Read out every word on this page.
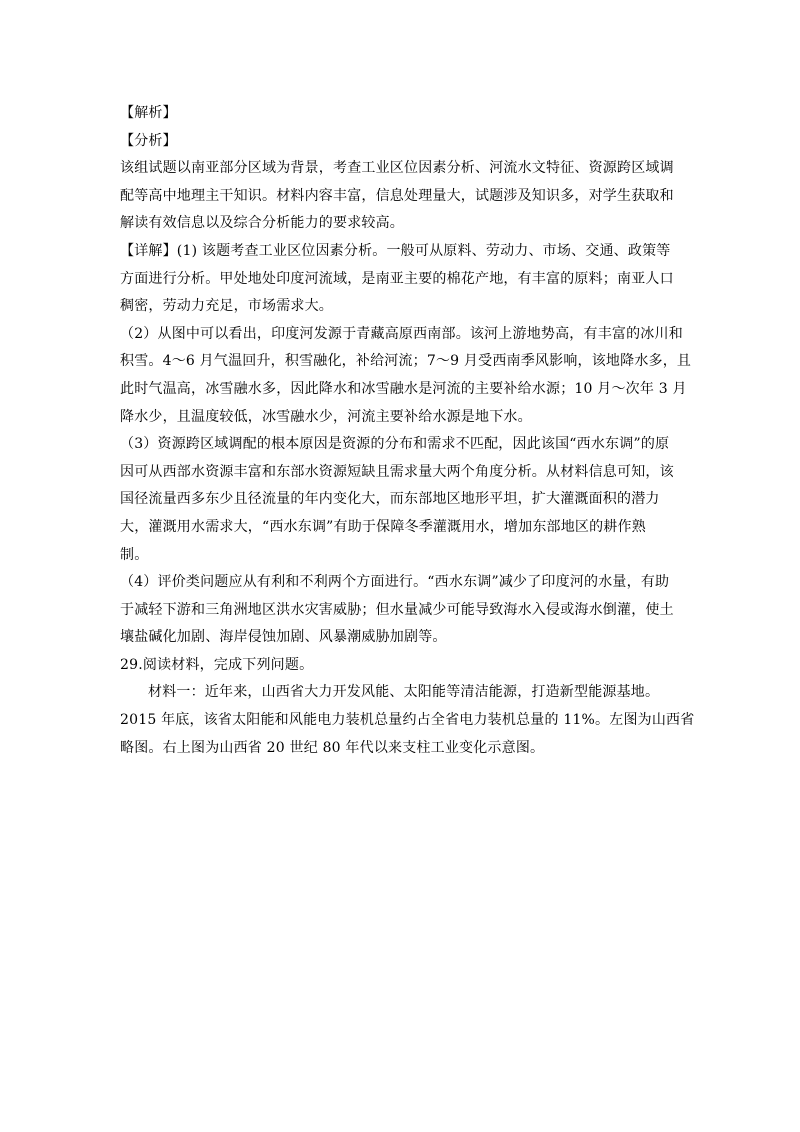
【解析】
【分析】
该组试题以南亚部分区域为背景，考查工业区位因素分析、河流水文特征、资源跨区域调
配等高中地理主干知识。材料内容丰富，信息处理量大，试题涉及知识多，对学生获取和
解读有效信息以及综合分析能力的要求较高。
【详解】(1) 该题考查工业区位因素分析。一般可从原料、劳动力、市场、交通、政策等
方面进行分析。甲处地处印度河流域，是南亚主要的棉花产地，有丰富的原料；南亚人口
稠密，劳动力充足，市场需求大。
（2）从图中可以看出，印度河发源于青藏高原西南部。该河上游地势高，有丰富的冰川和
积雪。4～6 月气温回升，积雪融化，补给河流；7～9 月受西南季风影响，该地降水多，且
此时气温高，冰雪融水多，因此降水和冰雪融水是河流的主要补给水源；10 月～次年 3 月
降水少，且温度较低，冰雪融水少，河流主要补给水源是地下水。
（3）资源跨区域调配的根本原因是资源的分布和需求不匹配，因此该国“西水东调”的原
因可从西部水资源丰富和东部水资源短缺且需求量大两个角度分析。从材料信息可知，该
国径流量西多东少且径流量的年内变化大，而东部地区地形平坦，扩大灌溉面积的潜力
大，灌溉用水需求大，“西水东调”有助于保障冬季灌溉用水，增加东部地区的耕作熟
制。
（4）评价类问题应从有利和不利两个方面进行。“西水东调”减少了印度河的水量，有助
于减轻下游和三角洲地区洪水灾害威胁；但水量减少可能导致海水入侵或海水倒灌，使土
壤盐碱化加剧、海岸侵蚀加剧、风暴潮威胁加剧等。
29.阅读材料，完成下列问题。
材料一：近年来，山西省大力开发风能、太阳能等清洁能源，打造新型能源基地。
2015 年底，该省太阳能和风能电力装机总量约占全省电力装机总量的 11%。左图为山西省
略图。右上图为山西省 20 世纪 80 年代以来支柱工业变化示意图。
